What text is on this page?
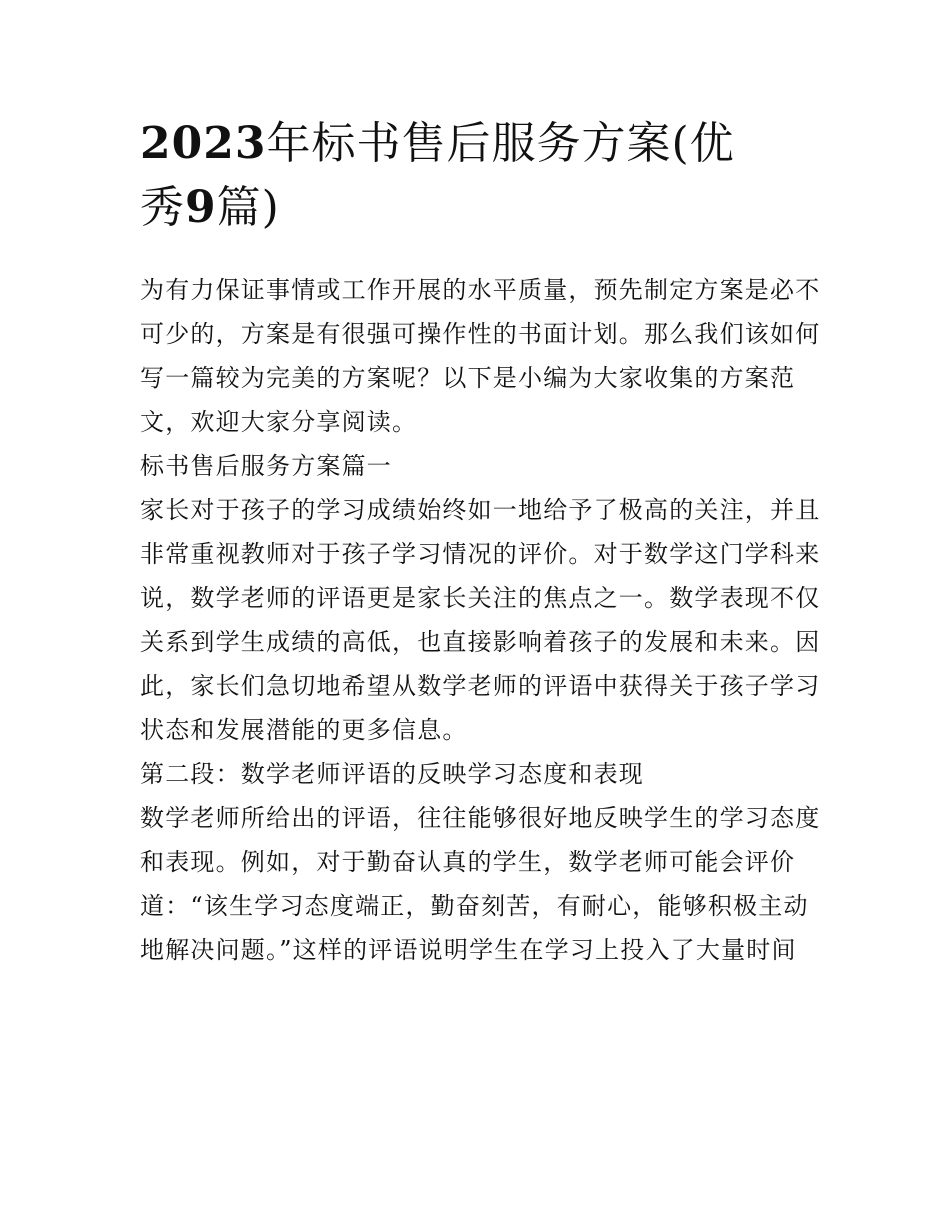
2023年标书售后服务方案(优
秀9篇)

为有力保证事情或工作开展的水平质量，预先制定方案是必不
可少的，方案是有很强可操作性的书面计划。那么我们该如何
写一篇较为完美的方案呢？以下是小编为大家收集的方案范
文，欢迎大家分享阅读。

标书售后服务方案篇一

家长对于孩子的学习成绩始终如一地给予了极高的关注，并且
非常重视教师对于孩子学习情况的评价。对于数学这门学科来
说，数学老师的评语更是家长关注的焦点之一。数学表现不仅
关系到学生成绩的高低，也直接影响着孩子的发展和未来。因
此，家长们急切地希望从数学老师的评语中获得关于孩子学习
状态和发展潜能的更多信息。

第二段：数学老师评语的反映学习态度和表现

数学老师所给出的评语，往往能够很好地反映学生的学习态度
和表现。例如，对于勤奋认真的学生，数学老师可能会评价
道：“该生学习态度端正，勤奋刻苦，有耐心，能够积极主动
地解决问题。”这样的评语说明学生在学习上投入了大量时间
